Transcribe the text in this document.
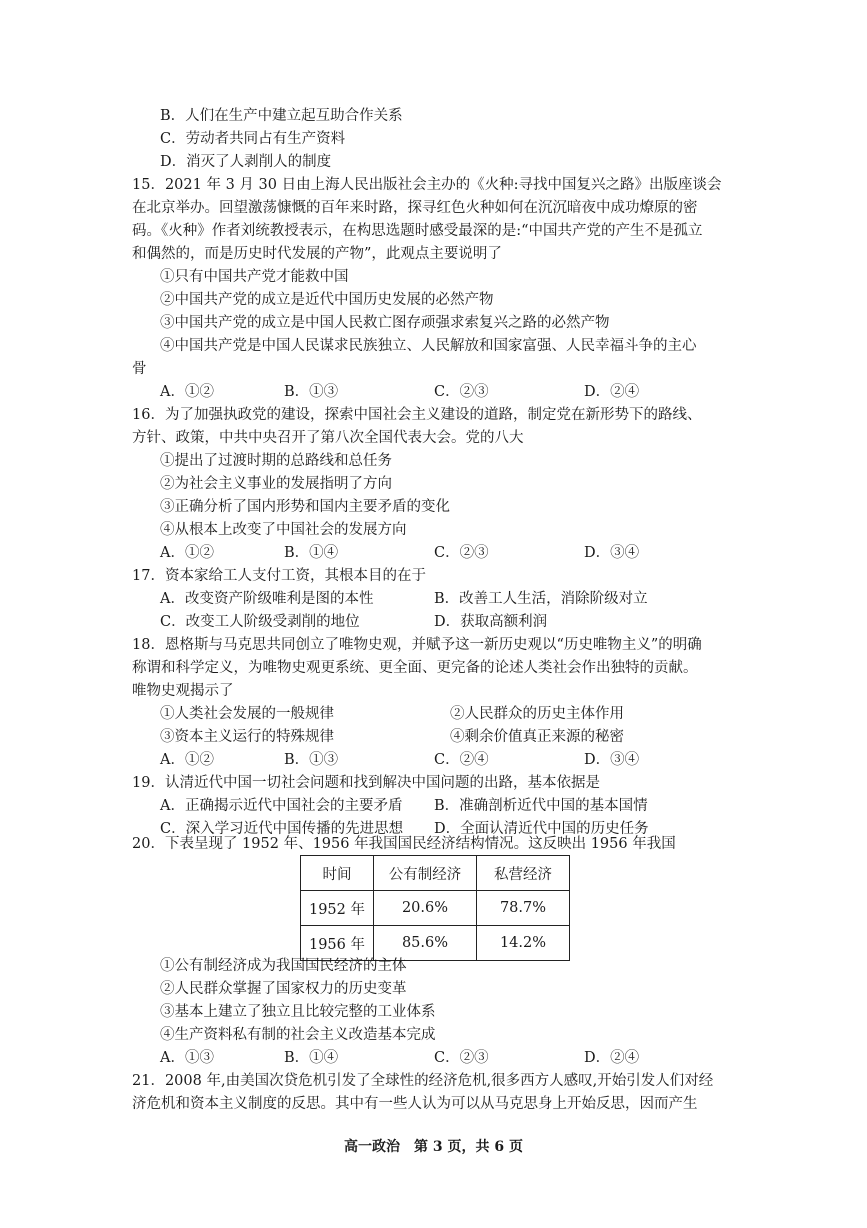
B．人们在生产中建立起互助合作关系
C．劳动者共同占有生产资料
D．消灭了人剥削人的制度
15．2021 年 3 月 30 日由上海人民出版社会主办的《火种:寻找中国复兴之路》出版座谈会
在北京举办。回望激荡慷慨的百年来时路，探寻红色火种如何在沉沉暗夜中成功燎原的密
码。《火种》作者刘统教授表示，在构思选题时感受最深的是:“中国共产党的产生不是孤立
和偶然的，而是历史时代发展的产物”，此观点主要说明了
①只有中国共产党才能救中国
②中国共产党的成立是近代中国历史发展的必然产物
③中国共产党的成立是中国人民救亡图存顽强求索复兴之路的必然产物
④中国共产党是中国人民谋求民族独立、人民解放和国家富强、人民幸福斗争的主心
骨
A．①②	B．①③	C．②③	D．②④
16．为了加强执政党的建设，探索中国社会主义建设的道路，制定党在新形势下的路线、
方针、政策，中共中央召开了第八次全国代表大会。党的八大
①提出了过渡时期的总路线和总任务
②为社会主义事业的发展指明了方向
③正确分析了国内形势和国内主要矛盾的变化
④从根本上改变了中国社会的发展方向
A．①②	B．①④	C．②③	D．③④
17．资本家给工人支付工资，其根本目的在于
A．改变资产阶级唯利是图的本性	B．改善工人生活，消除阶级对立
C．改变工人阶级受剥削的地位	D．获取高额利润
18．恩格斯与马克思共同创立了唯物史观，并赋予这一新历史观以“历史唯物主义”的明确
称谓和科学定义，为唯物史观更系统、更全面、更完备的论述人类社会作出独特的贡献。
唯物史观揭示了
①人类社会发展的一般规律	②人民群众的历史主体作用
③资本主义运行的特殊规律	④剩余价值真正来源的秘密
A．①②	B．①③	C．②④	D．③④
19．认清近代中国一切社会问题和找到解决中国问题的出路，基本依据是
A．正确揭示近代中国社会的主要矛盾 B．准确剖析近代中国的基本国情
C．深入学习近代中国传播的先进思想 D．全面认清近代中国的历史任务
20．下表呈现了 1952 年、1956 年我国国民经济结构情况。这反映出 1956 年我国
时间	公有制经济	私营经济
1952 年	20.6%	78.7%
1956 年	85.6%	14.2%
①公有制经济成为我国国民经济的主体
②人民群众掌握了国家权力的历史变革
③基本上建立了独立且比较完整的工业体系
④生产资料私有制的社会主义改造基本完成
A．①③	B．①④	C．②③	D．②④
21．2008 年,由美国次贷危机引发了全球性的经济危机,很多西方人感叹,开始引发人们对经
济危机和资本主义制度的反思。其中有一些人认为可以从马克思身上开始反思，因而产生
高一政治　第 3 页，共 6 页
